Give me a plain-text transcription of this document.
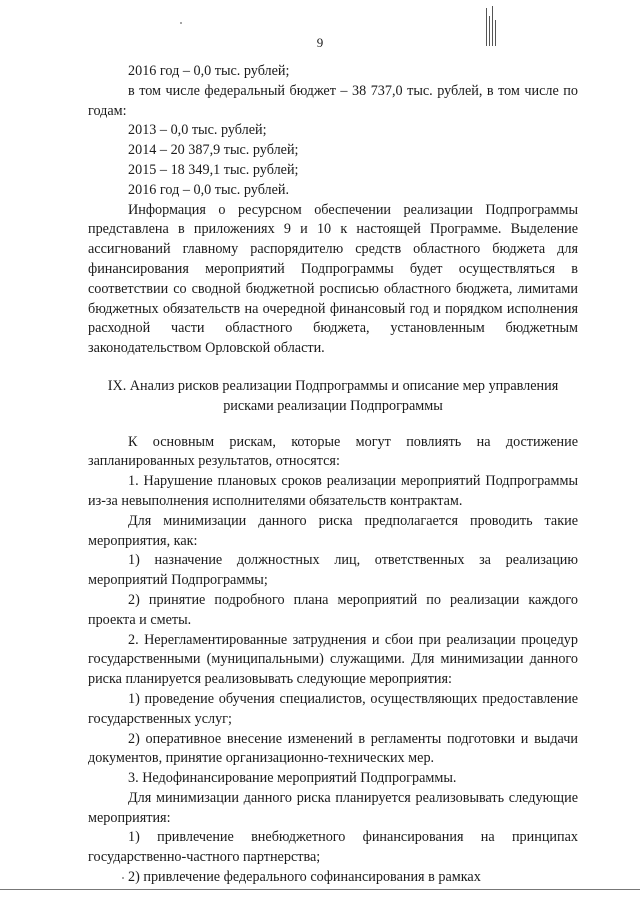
9

2016 год – 0,0 тыс. рублей;

в том числе федеральный бюджет – 38 737,0 тыс. рублей, в том числе по годам:

2013 – 0,0 тыс. рублей;

2014 – 20 387,9 тыс. рублей;

2015 – 18 349,1 тыс. рублей;

2016 год – 0,0 тыс. рублей.

Информация о ресурсном обеспечении реализации Подпрограммы представлена в приложениях 9 и 10 к настоящей Программе. Выделение ассигнований главному распорядителю средств областного бюджета для финансирования мероприятий Подпрограммы будет осуществляться в соответствии со сводной бюджетной росписью областного бюджета, лимитами бюджетных обязательств на очередной финансовый год и порядком исполнения расходной части областного бюджета, установленным бюджетным законодательством Орловской области.

IX. Анализ рисков реализации Подпрограммы и описание мер управления рисками реализации Подпрограммы

К основным рискам, которые могут повлиять на достижение запланированных результатов, относятся:

1. Нарушение плановых сроков реализации мероприятий Подпрограммы из-за невыполнения исполнителями обязательств контрактам.

Для минимизации данного риска предполагается проводить такие мероприятия, как:

1) назначение должностных лиц, ответственных за реализацию мероприятий Подпрограммы;

2) принятие подробного плана мероприятий по реализации каждого проекта и сметы.

2. Нерегламентированные затруднения и сбои при реализации процедур государственными (муниципальными) служащими. Для минимизации данного риска планируется реализовывать следующие мероприятия:

1) проведение обучения специалистов, осуществляющих предоставление государственных услуг;

2) оперативное внесение изменений в регламенты подготовки и выдачи документов, принятие организационно-технических мер.

3. Недофинансирование мероприятий Подпрограммы.

Для минимизации данного риска планируется реализовывать следующие мероприятия:

1) привлечение внебюджетного финансирования на принципах государственно-частного партнерства;

2) привлечение федерального софинансирования в рамках
